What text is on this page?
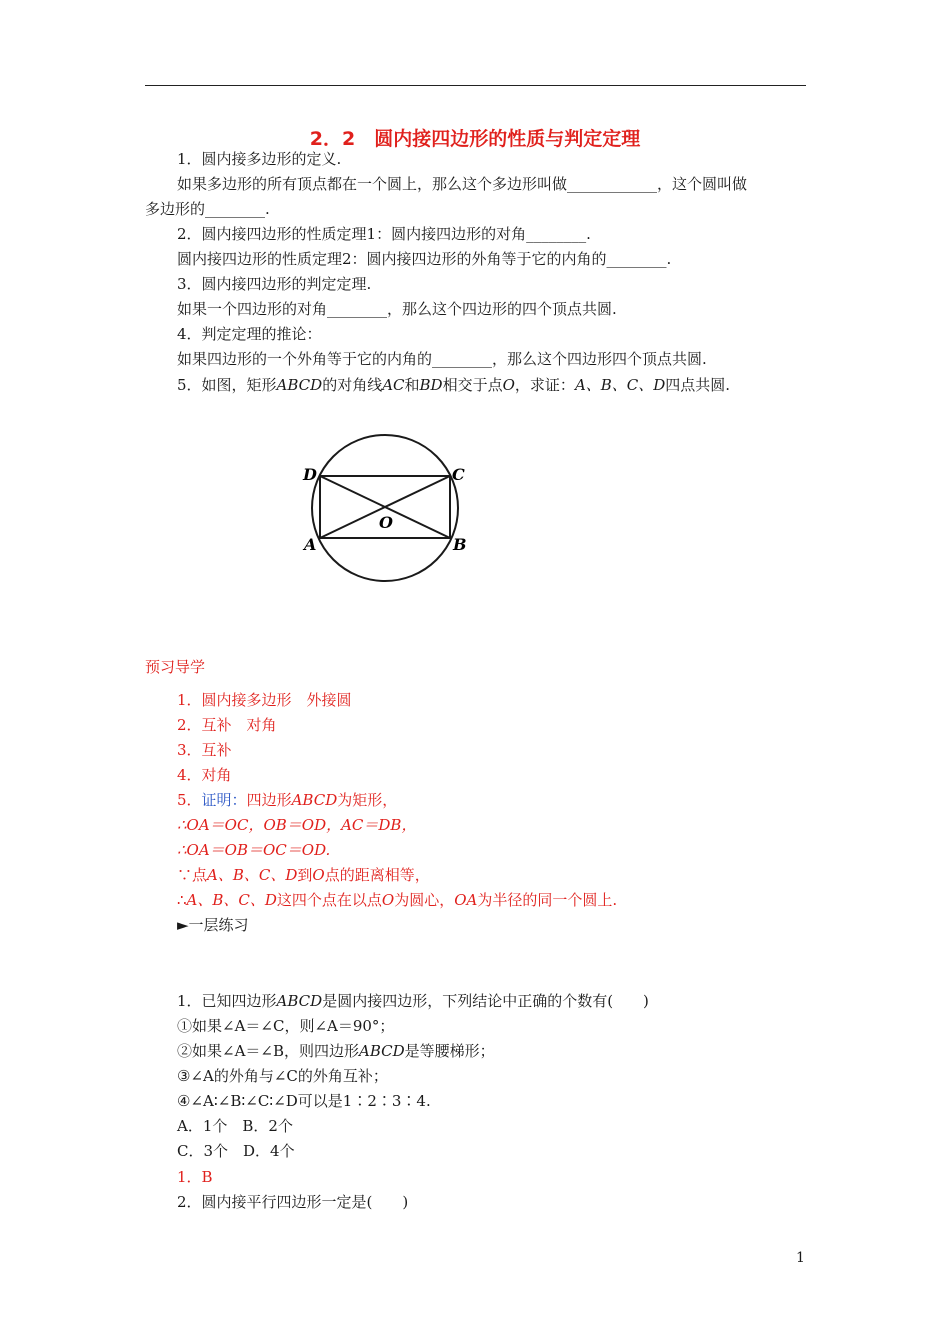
2．2　圆内接四边形的性质与判定定理
1．圆内接多边形的定义.
如果多边形的所有顶点都在一个圆上，那么这个多边形叫做____________，这个圆叫做
多边形的________.
2．圆内接四边形的性质定理1：圆内接四边形的对角________.
圆内接四边形的性质定理2：圆内接四边形的外角等于它的内角的________.
3．圆内接四边形的判定定理.
如果一个四边形的对角________，那么这个四边形的四个顶点共圆.
4．判定定理的推论：
如果四边形的一个外角等于它的内角的________，那么这个四边形四个顶点共圆.
5．如图，矩形ABCD的对角线AC和BD相交于点O，求证：A、B、C、D四点共圆.
D	C
A	B
O
预习导学
1．圆内接多边形　外接圆
2．互补　对角
3．互补
4．对角
5．证明：四边形ABCD为矩形，
∴OA＝OC，OB＝OD，AC＝DB，
∴OA＝OB＝OC＝OD.
∵点A、B、C、D到O点的距离相等，
∴A、B、C、D这四个点在以点O为圆心，OA为半径的同一个圆上.
►一层练习
1．已知四边形ABCD是圆内接四边形，下列结论中正确的个数有(　　)
①如果∠A＝∠C，则∠A＝90°；
②如果∠A＝∠B，则四边形ABCD是等腰梯形；
③∠A的外角与∠C的外角互补；
④∠A∶∠B∶∠C∶∠D可以是1∶2∶3∶4.
A．1个　B．2个
C．3个　D．4个
1．B
2．圆内接平行四边形一定是(　　)
1
